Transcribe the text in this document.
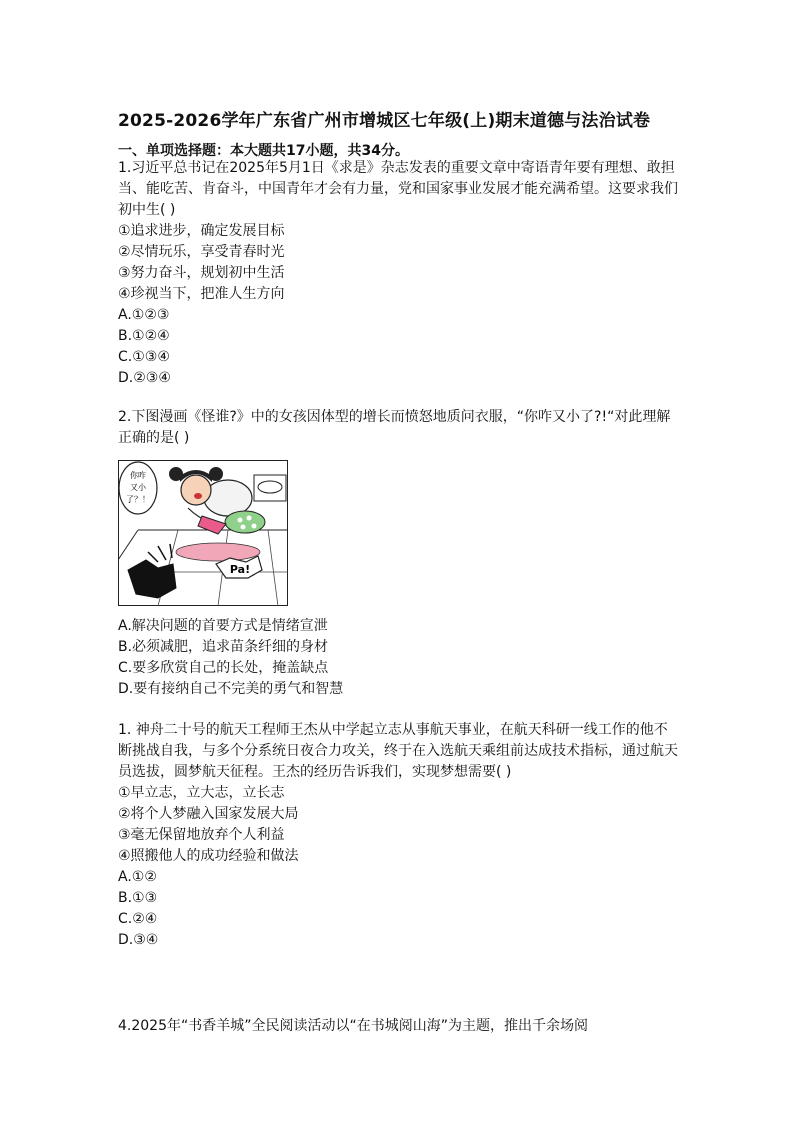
2025-2026学年广东省广州市增城区七年级(上)期末道德与法治试卷
一、单项选择题：本大题共17小题，共34分。

1.习近平总书记在2025年5月1日《求是》杂志发表的重要文章中寄语青年要有理想、敢担当、能吃苦、肯奋斗，中国青年才会有力量，党和国家事业发展才能充满希望。这要求我们初中生( )

①追求进步，确定发展目标

②尽情玩乐，享受青春时光

③努力奋斗，规划初中生活

④珍视当下，把准人生方向

A.①②③

B.①②④

C.①③④

D.②③④

2.下图漫画《怪谁?》中的女孩因体型的增长而愤怒地质问衣服，“你咋又小了?!“对此理解正确的是( )

你咋
又小
了？！
Pa!

A.解决问题的首要方式是情绪宣泄

B.必须减肥，追求苗条纤细的身材

C.要多欣赏自己的长处，掩盖缺点

D.要有接纳自己不完美的勇气和智慧

1. 神舟二十号的航天工程师王杰从中学起立志从事航天事业，在航天科研一线工作的他不断挑战自我，与多个分系统日夜合力攻关，终于在入选航天乘组前达成技术指标，通过航天员选拔，圆梦航天征程。王杰的经历告诉我们，实现梦想需要( )

①早立志，立大志，立长志

②将个人梦融入国家发展大局

③毫无保留地放弃个人利益

④照搬他人的成功经验和做法

A.①②

B.①③

C.②④

D.③④

4.2025年“书香羊城”全民阅读活动以“在书城阅山海”为主题，推出千余场阅
